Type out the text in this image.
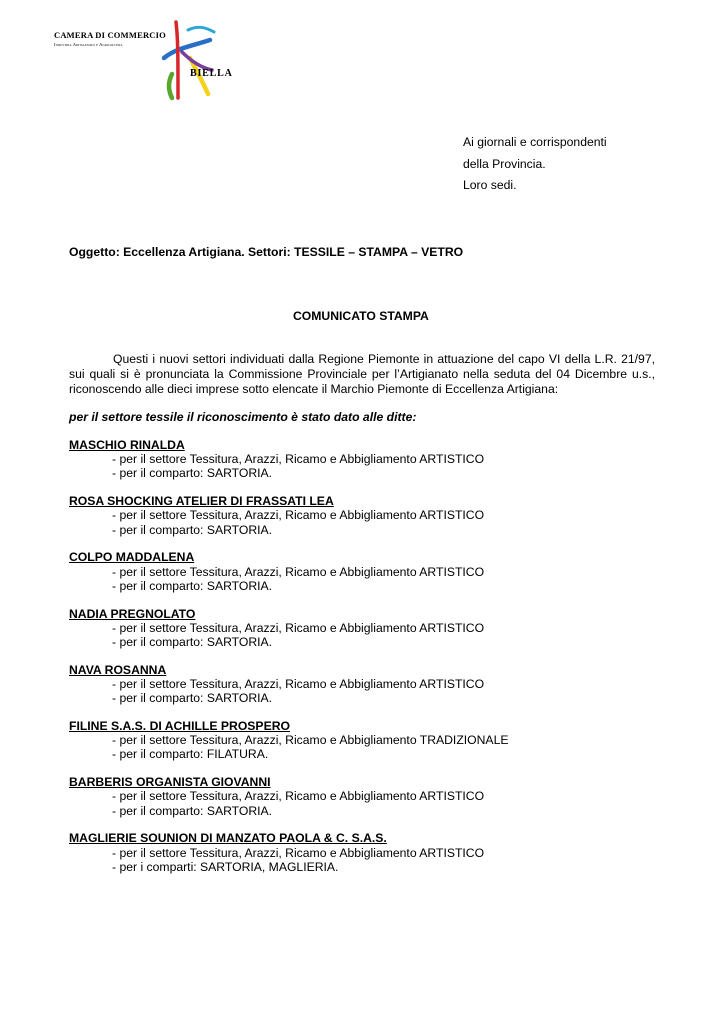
CAMERA DI COMMERCIO
Industria Artigianato e Agricoltura
BIELLA
Ai giornali e corrispondenti
della Provincia.
Loro sedi.
Oggetto: Eccellenza Artigiana. Settori: TESSILE – STAMPA – VETRO
COMUNICATO STAMPA
Questi i nuovi settori individuati dalla Regione Piemonte in attuazione del capo VI della L.R. 21/97, sui quali si è pronunciata la Commissione Provinciale per l’Artigianato nella seduta del 04 Dicembre u.s., riconoscendo alle dieci imprese sotto elencate il Marchio Piemonte di Eccellenza Artigiana:
per il settore tessile il riconoscimento è stato dato alle ditte:
MASCHIO RINALDA
- per il settore Tessitura, Arazzi, Ricamo e Abbigliamento ARTISTICO
- per il comparto: SARTORIA.
ROSA SHOCKING ATELIER DI FRASSATI LEA
- per il settore Tessitura, Arazzi, Ricamo e Abbigliamento ARTISTICO
- per il comparto: SARTORIA.
COLPO MADDALENA
- per il settore Tessitura, Arazzi, Ricamo e Abbigliamento ARTISTICO
- per il comparto: SARTORIA.
NADIA PREGNOLATO
- per il settore Tessitura, Arazzi, Ricamo e Abbigliamento ARTISTICO
- per il comparto: SARTORIA.
NAVA ROSANNA
- per il settore Tessitura, Arazzi, Ricamo e Abbigliamento ARTISTICO
- per il comparto: SARTORIA.
FILINE S.A.S. DI ACHILLE PROSPERO
- per il settore Tessitura, Arazzi, Ricamo e Abbigliamento TRADIZIONALE
- per il comparto: FILATURA.
BARBERIS ORGANISTA GIOVANNI
- per il settore Tessitura, Arazzi, Ricamo e Abbigliamento ARTISTICO
- per il comparto: SARTORIA.
MAGLIERIE SOUNION DI MANZATO PAOLA & C. S.A.S.
- per il settore Tessitura, Arazzi, Ricamo e Abbigliamento ARTISTICO
- per i comparti: SARTORIA, MAGLIERIA.
